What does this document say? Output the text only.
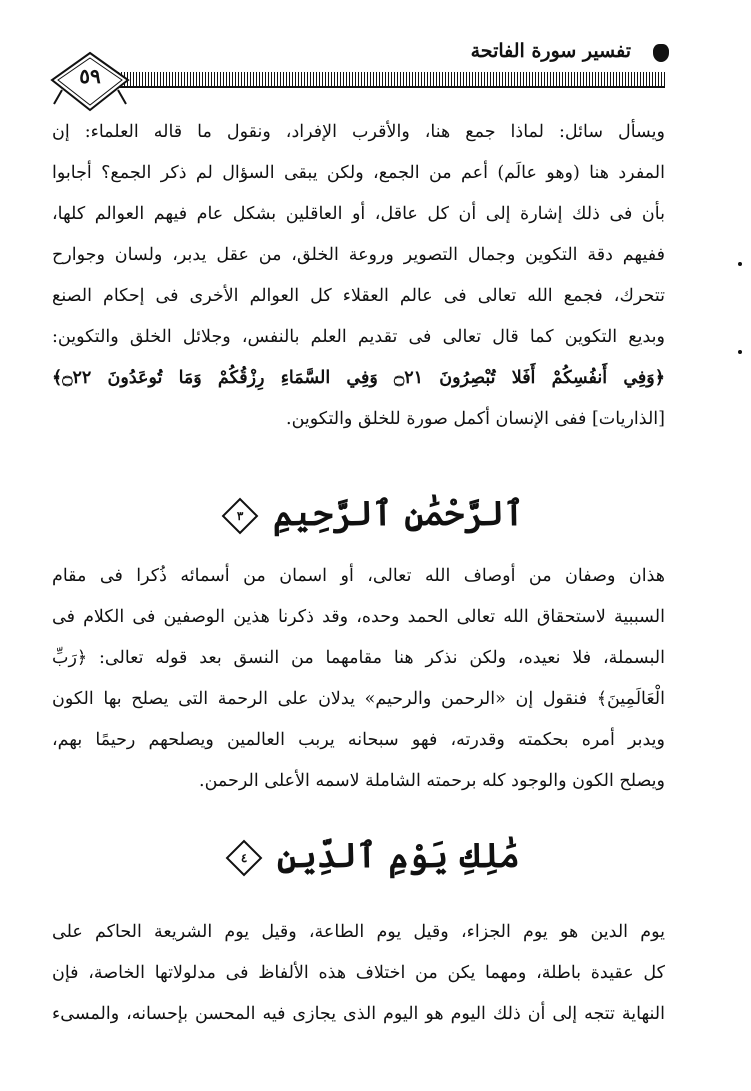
تفسير سورة الفاتحة
٥٩
ويسأل سائل: لماذا جمع هنا، والأقرب الإفراد، ونقول ما قاله العلماء: إن
المفرد هنا (وهو عالَم) أعم من الجمع، ولكن يبقى السؤال لم ذكر الجمع؟ أجابوا
بأن فى ذلك إشارة إلى أن كل عاقل، أو العاقلين بشكل عام فيهم العوالم كلها،
ففيهم دقة التكوين وجمال التصوير وروعة الخلق، من عقل يدبر، ولسان وجوارح
تتحرك، فجمع الله تعالى فى عالم العقلاء كل العوالم الأخرى فى إحكام الصنع
وبديع التكوين كما قال تعالى فى تقديم العلم بالنفس، وجلائل الخلق والتكوين:
﴿وَفِي أَنفُسِكُمْ أَفَلا تُبْصِرُونَ ۝٢١ وَفِي السَّمَاءِ رِزْقُكُمْ وَمَا تُوعَدُونَ ۝٢٢﴾
[الذاريات] ففى الإنسان أكمل صورة للخلق والتكوين.
ٱلرَّحْمَٰنِ ٱلرَّحِيمِ ٣
هذان وصفان من أوصاف الله تعالى، أو اسمان من أسمائه ذُكرا فى مقام
السببية لاستحقاق الله تعالى الحمد وحده، وقد ذكرنا هذين الوصفين فى الكلام فى
البسملة، فلا نعيده، ولكن نذكر هنا مقامهما من النسق بعد قوله تعالى: ﴿رَبِّ
الْعَالَمِينَ﴾ فنقول إن «الرحمن والرحيم» يدلان على الرحمة التى يصلح بها الكون
ويدبر أمره بحكمته وقدرته، فهو سبحانه يربب العالمين ويصلحهم رحيمًا بهم،
ويصلح الكون والوجود كله برحمته الشاملة لاسمه الأعلى الرحمن.
مَٰلِكِ يَوْمِ ٱلدِّينِ ٤
يوم الدين هو يوم الجزاء، وقيل يوم الطاعة، وقيل يوم الشريعة الحاكم على
كل عقيدة باطلة، ومهما يكن من اختلاف هذه الألفاظ فى مدلولاتها الخاصة، فإن
النهاية تتجه إلى أن ذلك اليوم هو اليوم الذى يجازى فيه المحسن بإحسانه، والمسىء
